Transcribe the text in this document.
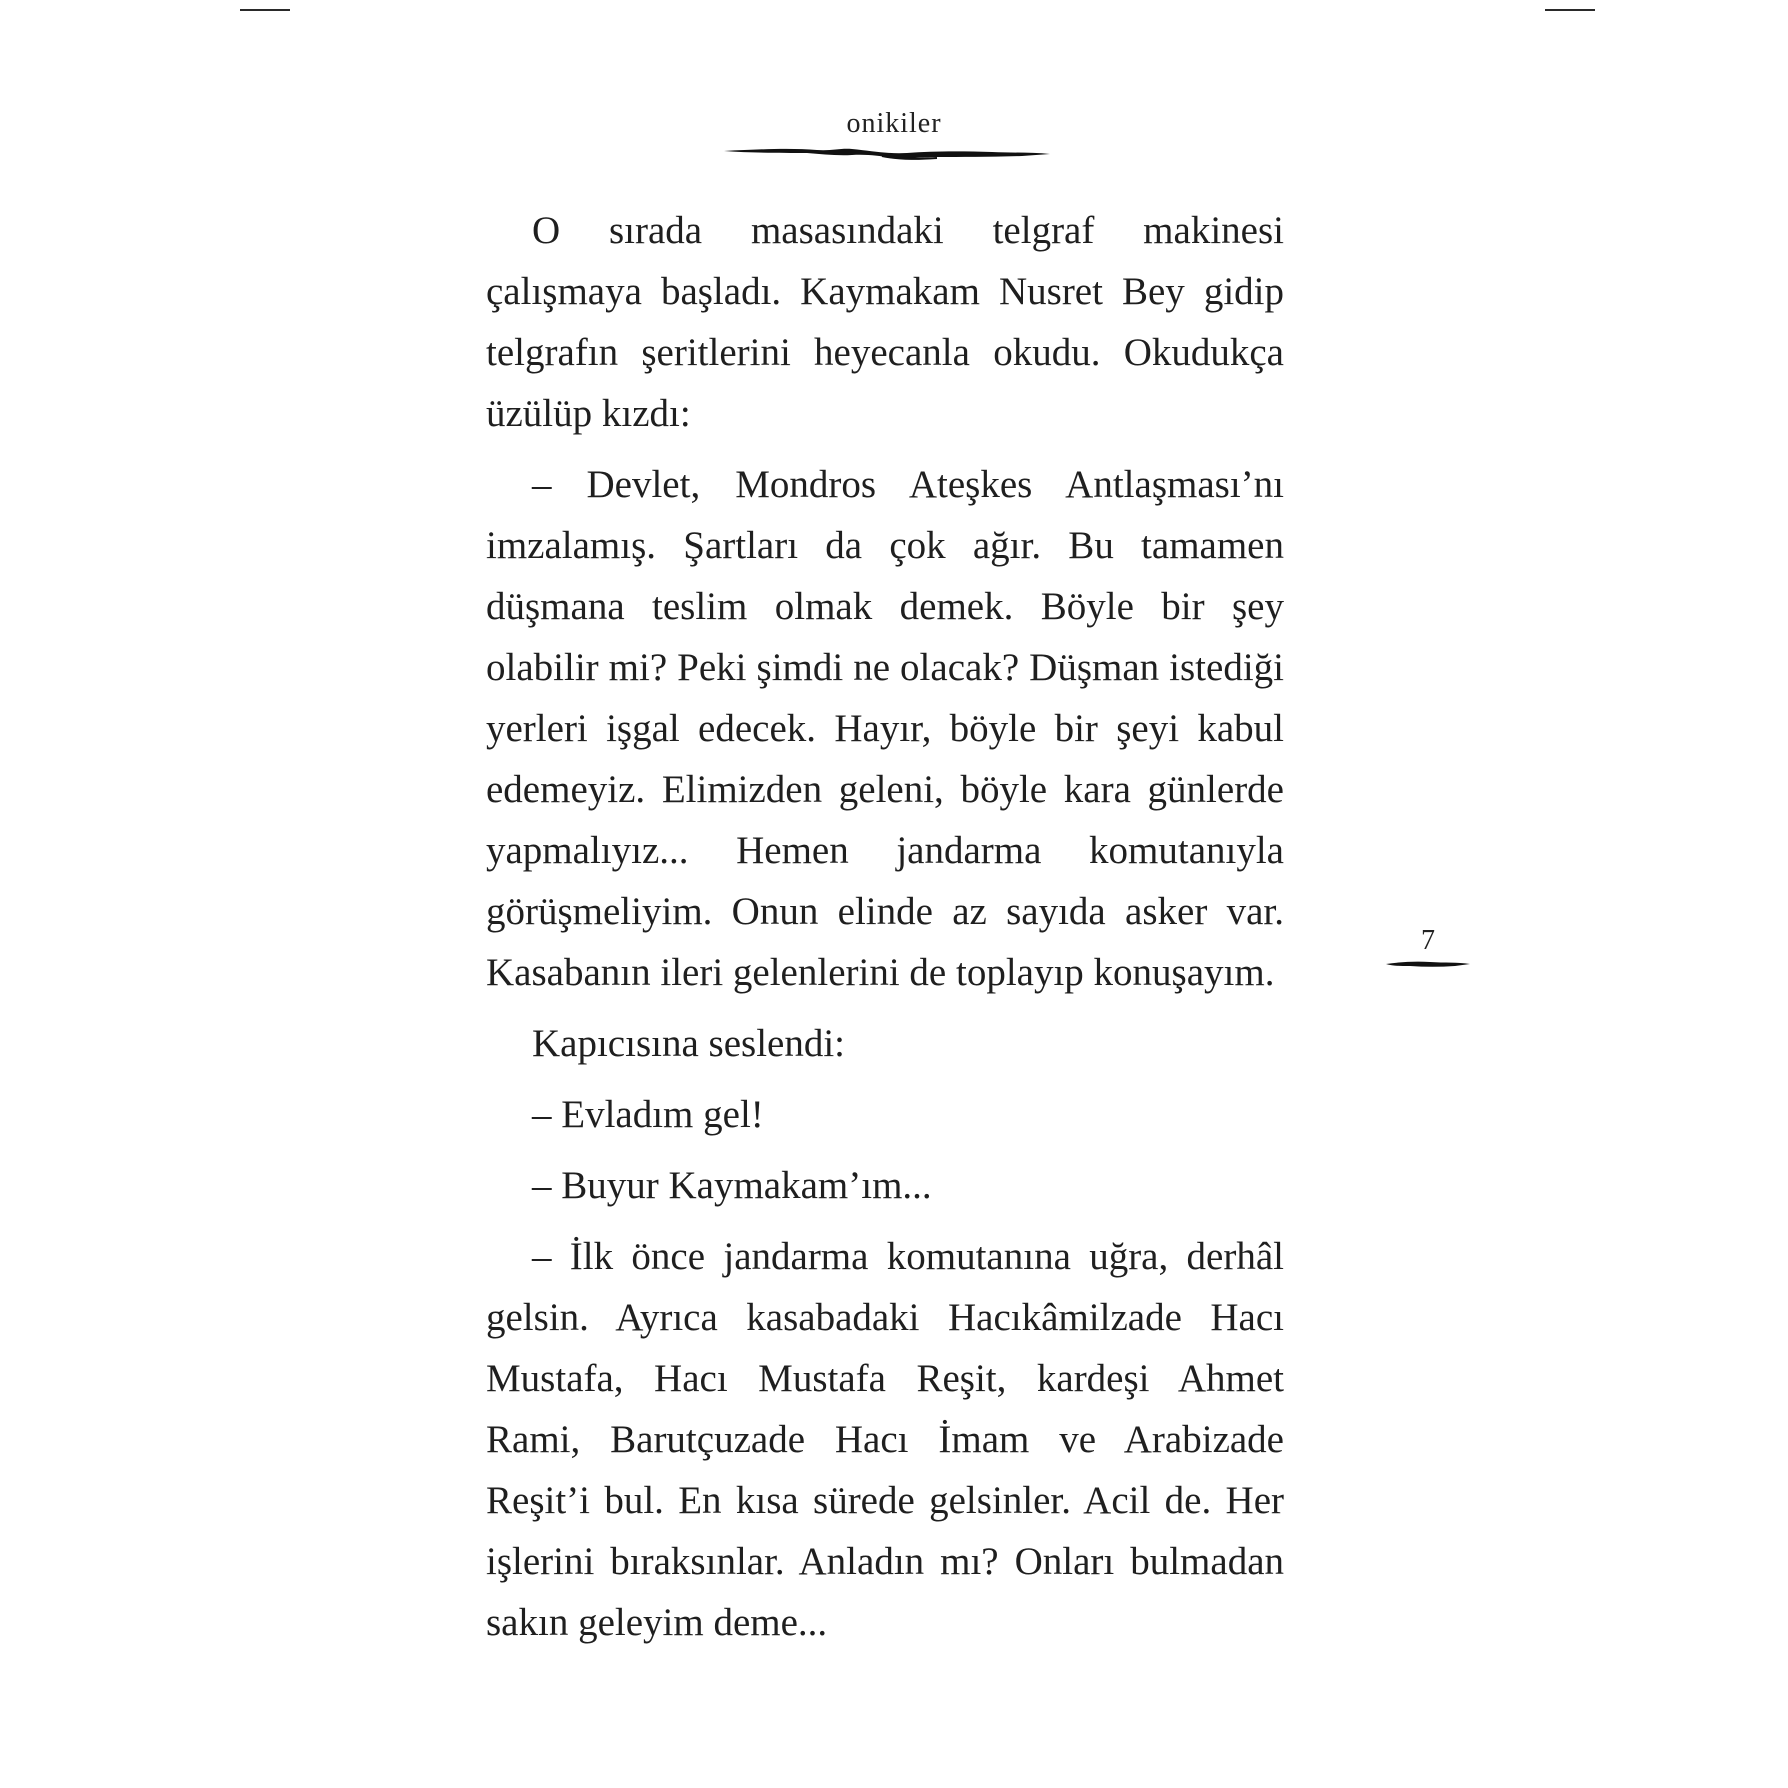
onikiler

O sırada masasındaki telgraf makinesi çalışmaya başladı. Kaymakam Nusret Bey gidip telgrafın şeritlerini heyecanla okudu. Okudukça üzülüp kızdı:

– Devlet, Mondros Ateşkes Antlaşması’nı imzalamış. Şartları da çok ağır. Bu tamamen düşmana teslim olmak demek. Böyle bir şey olabilir mi? Peki şimdi ne olacak? Düşman istediği yerleri işgal edecek. Hayır, böyle bir şeyi kabul edemeyiz. Elimizden geleni, böyle kara günlerde yapmalıyız... Hemen jandarma komutanıyla görüşmeliyim. Onun elinde az sayıda asker var. Kasabanın ileri gelenlerini de toplayıp konuşayım.

Kapıcısına seslendi:

– Evladım gel!

– Buyur Kaymakam’ım...

– İlk önce jandarma komutanına uğra, derhâl gelsin. Ayrıca kasabadaki Hacıkâmilzade Hacı Mustafa, Hacı Mustafa Reşit, kardeşi Ahmet Rami, Barutçuzade Hacı İmam ve Arabizade Reşit’i bul. En kısa sürede gelsinler. Acil de. Her işlerini bıraksınlar. Anladın mı? Onları bulmadan sakın geleyim deme...

7
